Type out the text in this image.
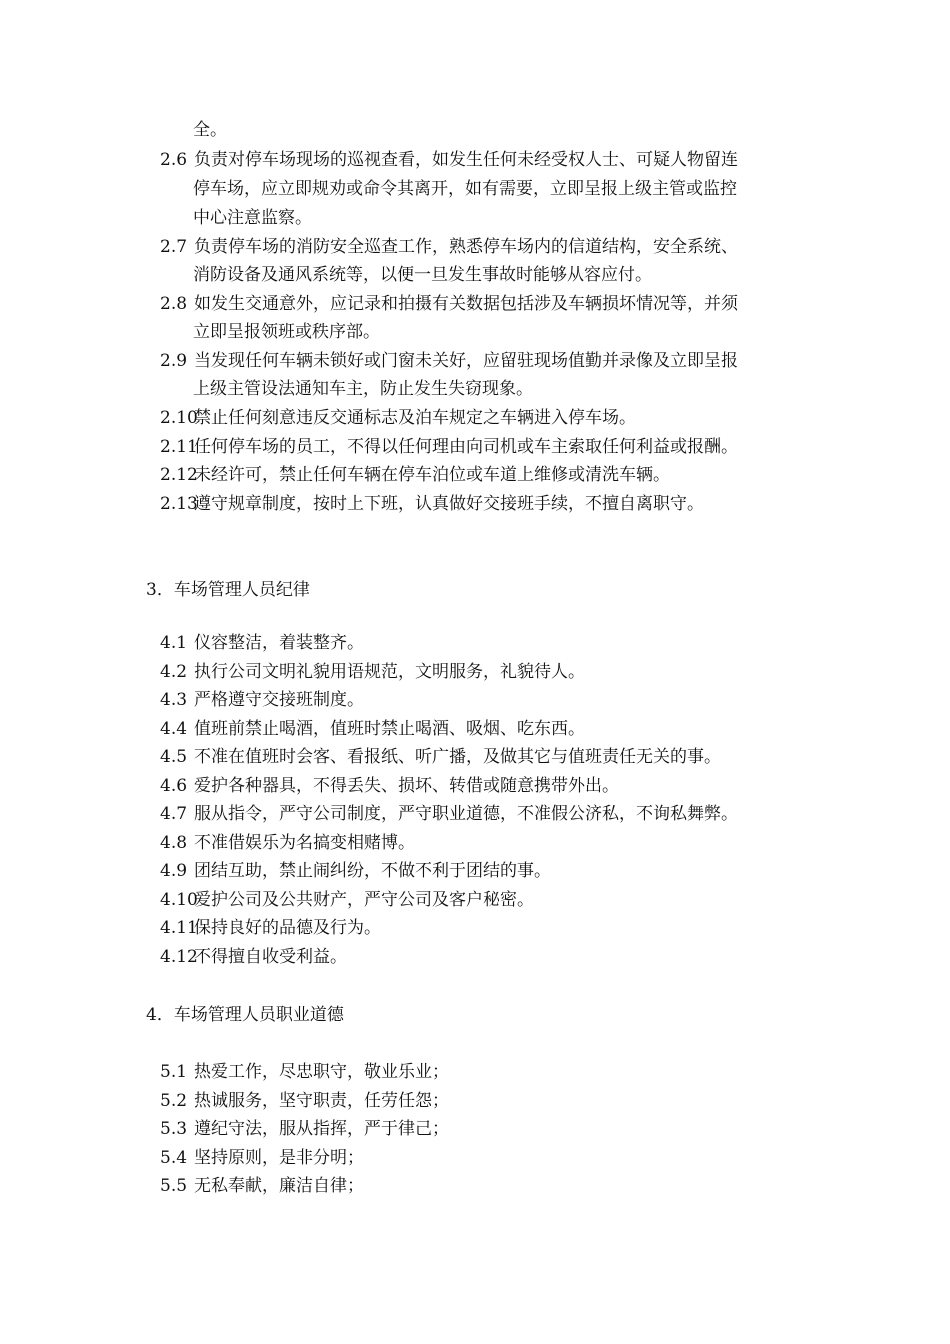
全。
2.6 负责对停车场现场的巡视查看，如发生任何未经受权人士、可疑人物留连
停车场，应立即规劝或命令其离开，如有需要，立即呈报上级主管或监控
中心注意监察。
2.7 负责停车场的消防安全巡查工作，熟悉停车场内的信道结构，安全系统、
消防设备及通风系统等，以便一旦发生事故时能够从容应付。
2.8 如发生交通意外，应记录和拍摄有关数据包括涉及车辆损坏情况等，并须
立即呈报领班或秩序部。
2.9 当发现任何车辆未锁好或门窗未关好，应留驻现场值勤并录像及立即呈报
上级主管设法通知车主，防止发生失窃现象。
2.10禁止任何刻意违反交通标志及泊车规定之车辆进入停车场。
2.11任何停车场的员工，不得以任何理由向司机或车主索取任何利益或报酬。
2.12未经许可，禁止任何车辆在停车泊位或车道上维修或清洗车辆。
2.13遵守规章制度，按时上下班，认真做好交接班手续，不擅自离职守。
3．车场管理人员纪律
4.1 仪容整洁，着装整齐。
4.2 执行公司文明礼貌用语规范，文明服务，礼貌待人。
4.3 严格遵守交接班制度。
4.4 值班前禁止喝酒，值班时禁止喝酒、吸烟、吃东西。
4.5 不准在值班时会客、看报纸、听广播，及做其它与值班责任无关的事。
4.6 爱护各种器具，不得丢失、损坏、转借或随意携带外出。
4.7 服从指令，严守公司制度，严守职业道德，不准假公济私，不询私舞弊。
4.8 不准借娱乐为名搞变相赌博。
4.9 团结互助，禁止闹纠纷，不做不利于团结的事。
4.10爱护公司及公共财产，严守公司及客户秘密。
4.11保持良好的品德及行为。
4.12不得擅自收受利益。
4．车场管理人员职业道德
5.1 热爱工作，尽忠职守，敬业乐业；
5.2 热诚服务，坚守职责，任劳任怨；
5.3 遵纪守法，服从指挥，严于律己；
5.4 坚持原则，是非分明；
5.5 无私奉献，廉洁自律；
